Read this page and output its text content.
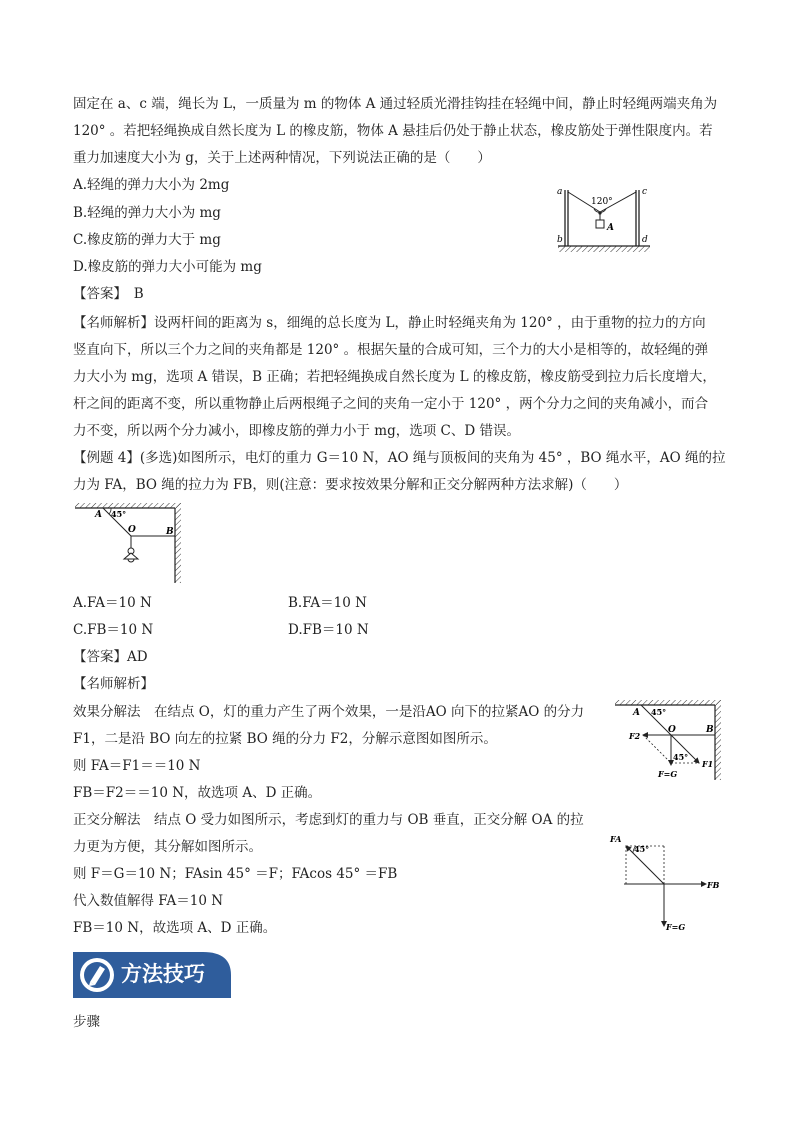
固定在 a、c 端，绳长为 L，一质量为 m 的物体 A 通过轻质光滑挂钩挂在轻绳中间，静止时轻绳两端夹角为
120° 。若把轻绳换成自然长度为 L 的橡皮筋，物体 A 悬挂后仍处于静止状态，橡皮筋处于弹性限度内。若
重力加速度大小为 g，关于上述两种情况，下列说法正确的是（　　）
A.轻绳的弹力大小为 2mg
B.轻绳的弹力大小为 mg
C.橡皮筋的弹力大于 mg
D.橡皮筋的弹力大小可能为 mg
a
b
c
d
120°
A
【答案】　B
【名师解析】设两杆间的距离为 s，细绳的总长度为 L，静止时轻绳夹角为 120° ，由于重物的拉力的方向
竖直向下，所以三个力之间的夹角都是 120° 。根据矢量的合成可知，三个力的大小是相等的，故轻绳的弹
力大小为 mg，选项 A 错误，B 正确；若把轻绳换成自然长度为 L 的橡皮筋，橡皮筋受到拉力后长度增大，
杆之间的距离不变，所以重物静止后两根绳子之间的夹角一定小于 120° ，两个分力之间的夹角减小，而合
力不变，所以两个分力减小，即橡皮筋的弹力小于 mg，选项 C、D 错误。
【例题 4】(多选)如图所示，电灯的重力 G＝10 N，AO 绳与顶板间的夹角为 45° ，BO 绳水平，AO 绳的拉
力为 FA，BO 绳的拉力为 FB，则(注意：要求按效果分解和正交分解两种方法求解)（　　）
A 45°
O	B
A.FA＝10 N	B.FA＝10 N
C.FB＝10 N	D.FB＝10 N
【答案】AD
【名师解析】
效果分解法　在结点 O，灯的重力产生了两个效果，一是沿AO 向下的拉紧AO 的分力
F1，二是沿 BO 向左的拉紧 BO 绳的分力 F2，分解示意图如图所示。
则 FA＝F1＝＝10 N
FB＝F2＝＝10 N，故选项 A、D 正确。
A 45°
O	B
F2
45°
F1
F=G
正交分解法　结点 O 受力如图所示，考虑到灯的重力与 OB 垂直，正交分解 OA 的拉
力更为方便，其分解如图所示。
则 F＝G＝10 N；FAsin 45° ＝F；FAcos 45° ＝FB
代入数值解得 FA＝10 N
FB＝10 N，故选项 A、D 正确。
FA
45°
FB
F=G
方法技巧
步骤
